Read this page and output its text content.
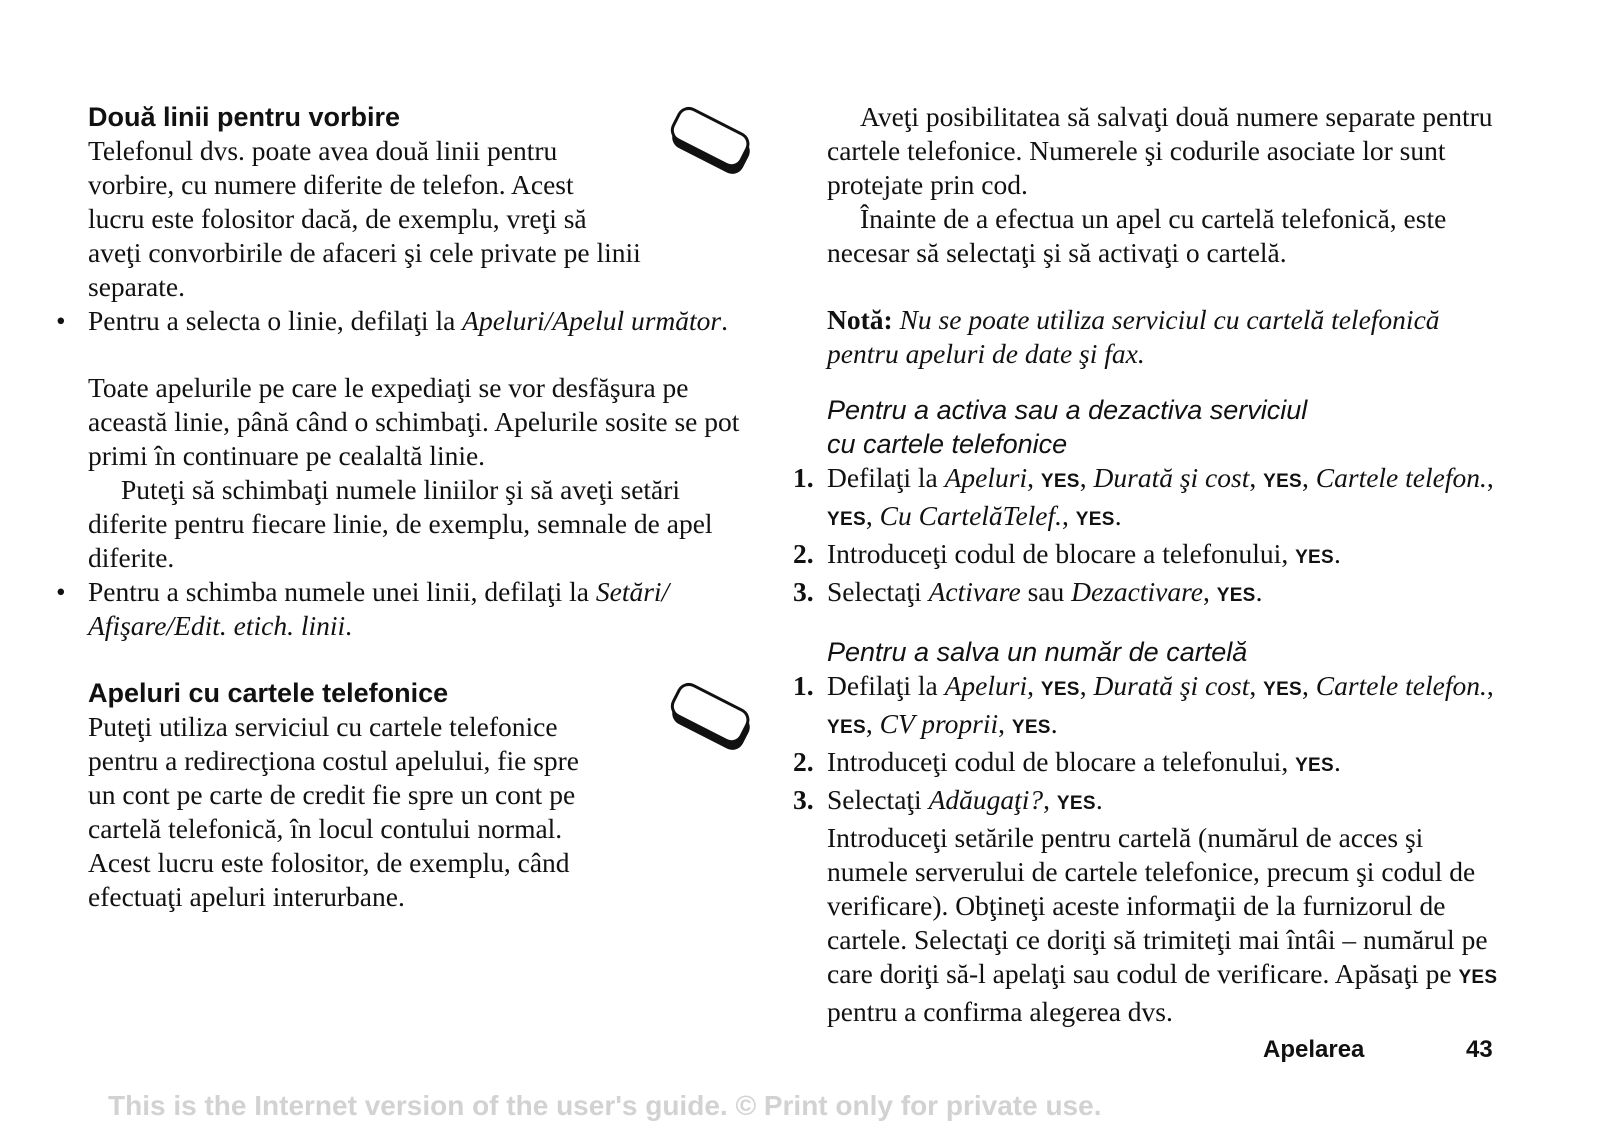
Două linii pentru vorbire
Telefonul dvs. poate avea două linii pentru
vorbire, cu numere diferite de telefon. Acest
lucru este folositor dacă, de exemplu, vreţi să
aveţi convorbirile de afaceri şi cele private pe linii
separate.
• Pentru a selecta o linie, defilaţi la Apeluri/Apelul următor.

Toate apelurile pe care le expediaţi se vor desfăşura pe această linie, până când o schimbaţi. Apelurile sosite se pot primi în continuare pe cealaltă linie.

Puteţi să schimbaţi numele liniilor şi să aveţi setări diferite pentru fiecare linie, de exemplu, semnale de apel diferite.

• Pentru a schimba numele unei linii, defilaţi la Setări/ Afişare/Edit. etich. linii.
Apeluri cu cartele telefonice
Puteţi utiliza serviciul cu cartele telefonice
pentru a redirecţiona costul apelului, fie spre
un cont pe carte de credit fie spre un cont pe
cartelă telefonică, în locul contului normal.
Acest lucru este folositor, de exemplu, când
efectuaţi apeluri interurbane.

Aveţi posibilitatea să salvaţi două numere separate pentru cartele telefonice. Numerele şi codurile asociate lor sunt protejate prin cod.

Înainte de a efectua un apel cu cartelă telefonică, este necesar să selectaţi şi să activaţi o cartelă.

Notă: Nu se poate utiliza serviciul cu cartelă telefonică pentru apeluri de date şi fax.

Pentru a activa sau a dezactiva serviciul
cu cartele telefonice
1. Defilaţi la Apeluri, YES, Durată şi cost, YES, Cartele telefon., YES, Cu CartelăTelef., YES.
2. Introduceţi codul de blocare a telefonului, YES.
3. Selectaţi Activare sau Dezactivare, YES.
Pentru a salva un număr de cartelă
1. Defilaţi la Apeluri, YES, Durată şi cost, YES, Cartele telefon., YES, CV proprii, YES.
2. Introduceţi codul de blocare a telefonului, YES.
3. Selectaţi Adăugaţi?, YES.

Introduceţi setările pentru cartelă (numărul de acces şi numele serverului de cartele telefonice, precum şi codul de verificare). Obţineţi aceste informaţii de la furnizorul de cartele. Selectaţi ce doriţi să trimiteţi mai întâi – numărul pe care doriţi să-l apelaţi sau codul de verificare. Apăsaţi pe YES pentru a confirma alegerea dvs.

Apelarea	43
This is the Internet version of the user's guide. © Print only for private use.
